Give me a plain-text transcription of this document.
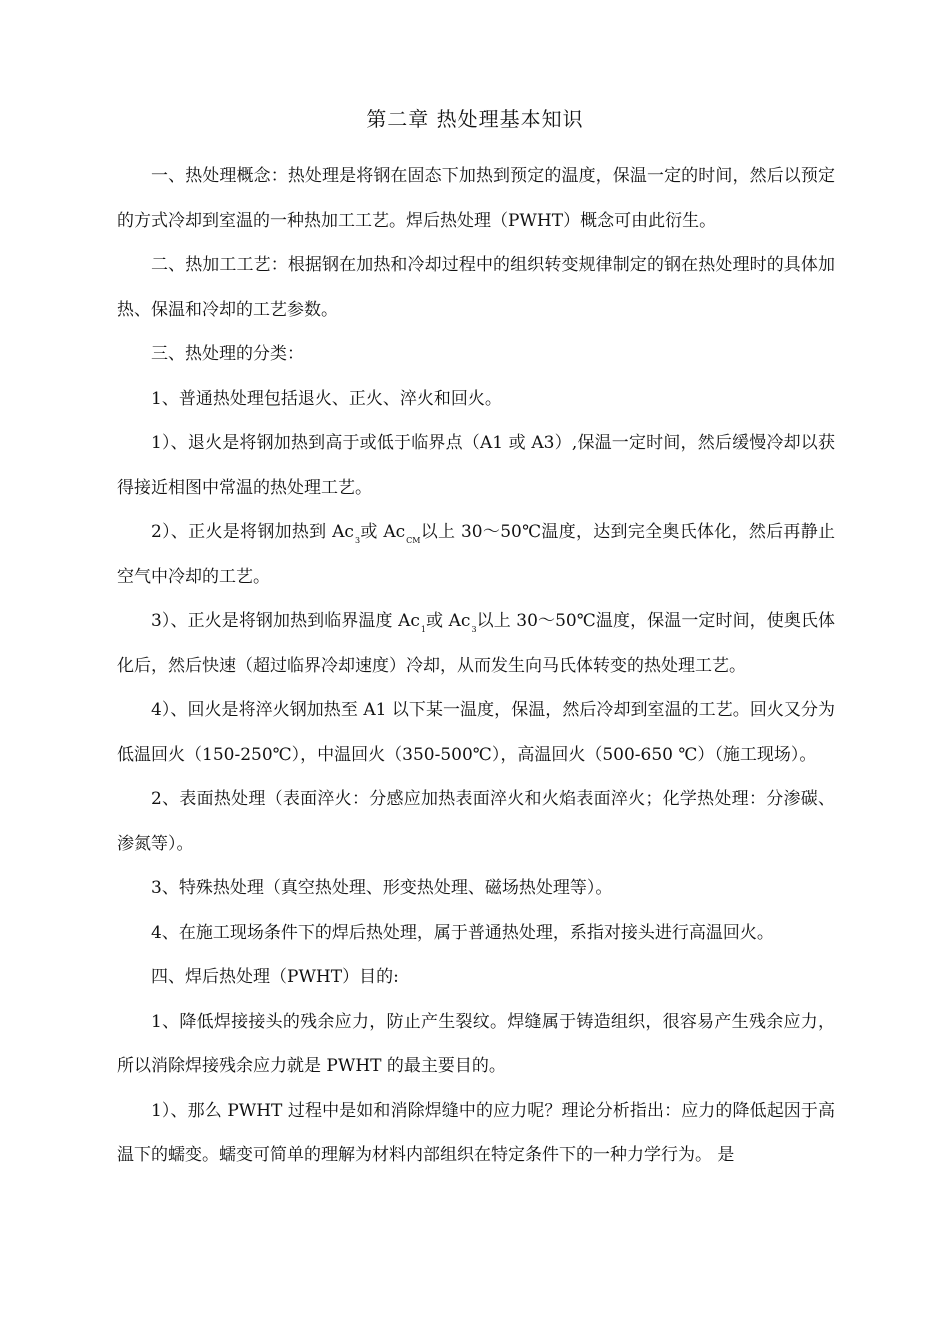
第二章 热处理基本知识

一、热处理概念：热处理是将钢在固态下加热到预定的温度，保温一定的时间，然后以预定的方式冷却到室温的一种热加工工艺。焊后热处理（PWHT）概念可由此衍生。

二、热加工工艺：根据钢在加热和冷却过程中的组织转变规律制定的钢在热处理时的具体加热、保温和冷却的工艺参数。

三、热处理的分类：

1、普通热处理包括退火、正火、淬火和回火。

1）、退火是将钢加热到高于或低于临界点（A1 或 A3）,保温一定时间，然后缓慢冷却以获得接近相图中常温的热处理工艺。

2）、正火是将钢加热到 $Ac_3$或 $Ac_{CM}$以上 30～50℃温度，达到完全奥氏体化，然后再静止空气中冷却的工艺。

3）、正火是将钢加热到临界温度 $Ac_1$或 $Ac_3$以上 30～50℃温度，保温一定时间，使奥氏体化后，然后快速（超过临界冷却速度）冷却，从而发生向马氏体转变的热处理工艺。

4）、回火是将淬火钢加热至 A1 以下某一温度，保温，然后冷却到室温的工艺。回火又分为低温回火（150-250℃），中温回火（350-500℃），高温回火（500-650 ℃）（施工现场）。

2、表面热处理（表面淬火：分感应加热表面淬火和火焰表面淬火；化学热处理：分渗碳、渗氮等）。

3、特殊热处理（真空热处理、形变热处理、磁场热处理等）。

4、在施工现场条件下的焊后热处理，属于普通热处理，系指对接头进行高温回火。

四、焊后热处理（PWHT）目的:

1、降低焊接接头的残余应力，防止产生裂纹。焊缝属于铸造组织，很容易产生残余应力，所以消除焊接残余应力就是 PWHT 的最主要目的。

1）、那么 PWHT 过程中是如和消除焊缝中的应力呢？理论分析指出：应力的降低起因于高温下的蠕变。蠕变可简单的理解为材料内部组织在特定条件下的一种力学行为。 是
